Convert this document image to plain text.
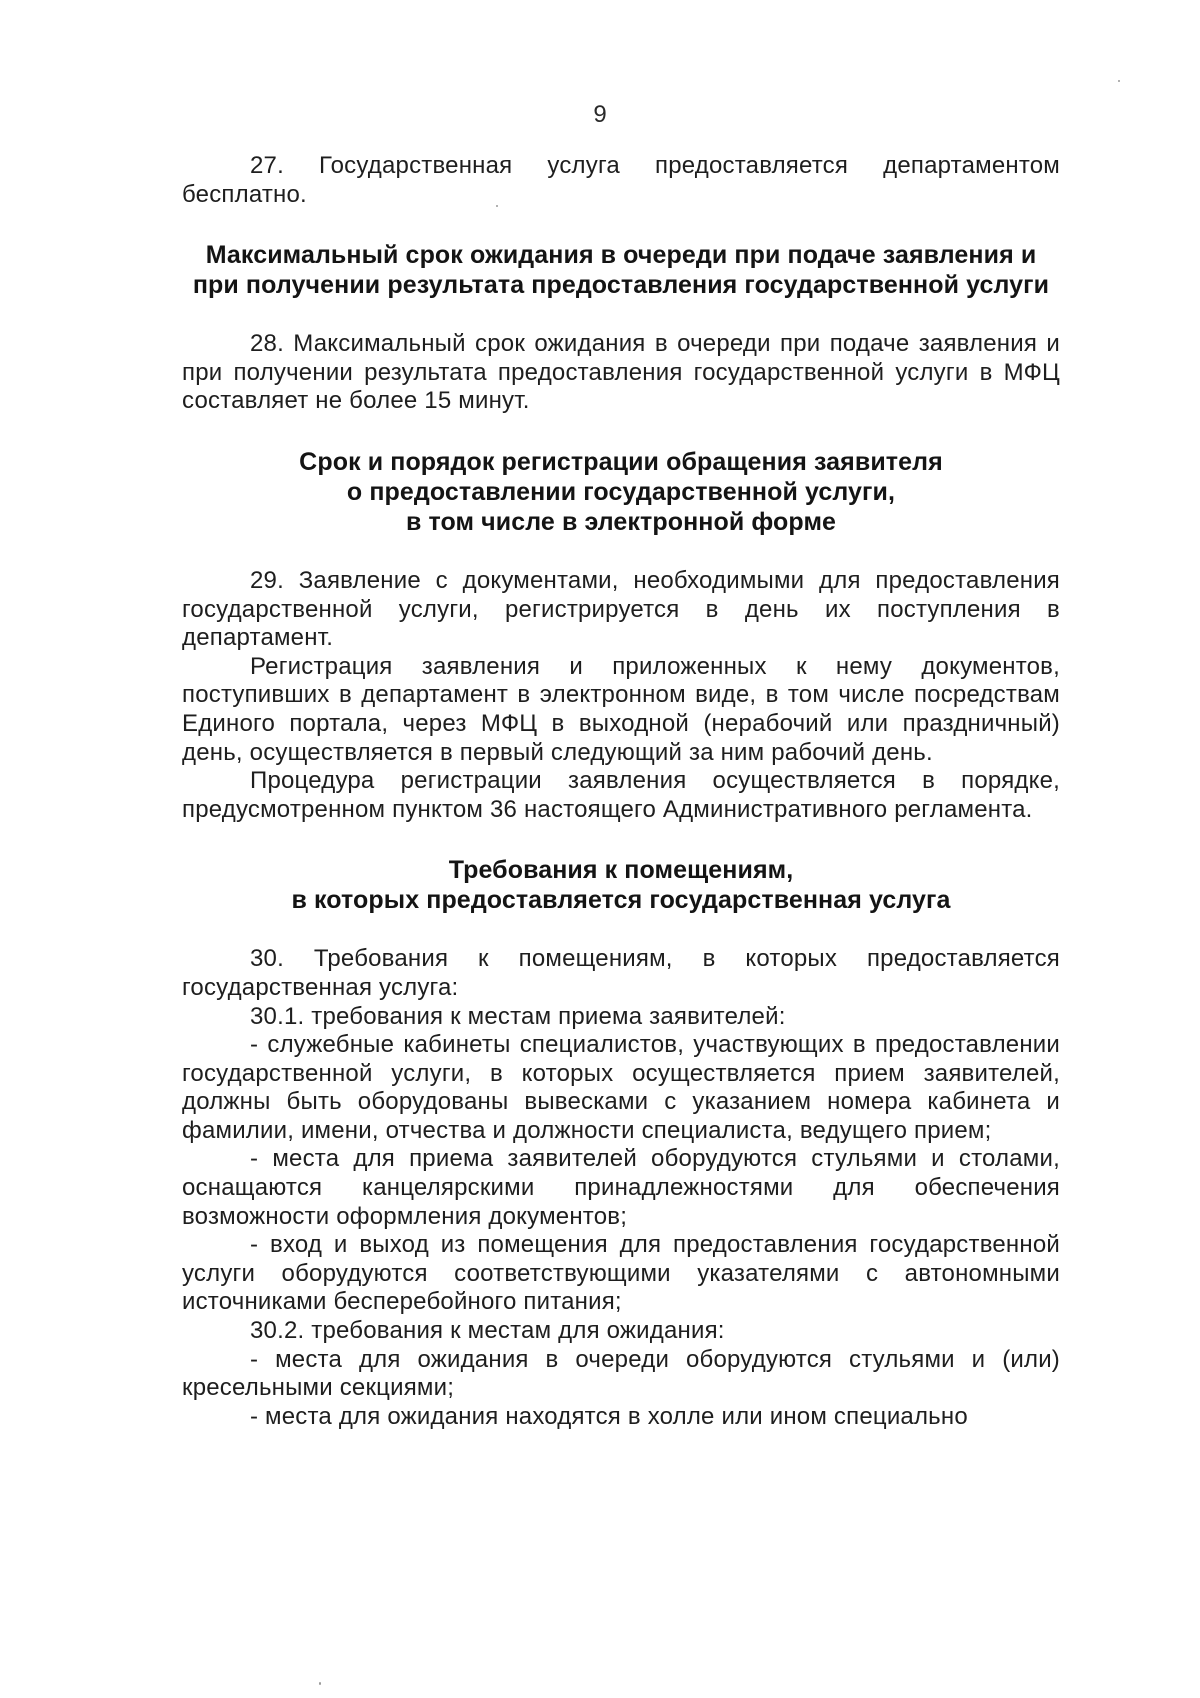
9

27. Государственная услуга предоставляется департаментом бесплатно.

Максимальный срок ожидания в очереди при подаче заявления и
при получении результата предоставления государственной услуги

28. Максимальный срок ожидания в очереди при подаче заявления и при получении результата предоставления государственной услуги в МФЦ составляет не более 15 минут.

Срок и порядок регистрации обращения заявителя
о предоставлении государственной услуги,
в том числе в электронной форме

29. Заявление с документами, необходимыми для предоставления государственной услуги, регистрируется в день их поступления в департамент.

Регистрация заявления и приложенных к нему документов, поступивших в департамент в электронном виде, в том числе посредствам Единого портала, через МФЦ в выходной (нерабочий или праздничный) день, осуществляется в первый следующий за ним рабочий день.

Процедура регистрации заявления осуществляется в порядке, предусмотренном пунктом 36 настоящего Административного регламента.

Требования к помещениям,
в которых предоставляется государственная услуга

30. Требования к помещениям, в которых предоставляется государственная услуга:

30.1. требования к местам приема заявителей:

- служебные кабинеты специалистов, участвующих в предоставлении государственной услуги, в которых осуществляется прием заявителей, должны быть оборудованы вывесками с указанием номера кабинета и фамилии, имени, отчества и должности специалиста, ведущего прием;

- места для приема заявителей оборудуются стульями и столами, оснащаются канцелярскими принадлежностями для обеспечения возможности оформления документов;

- вход и выход из помещения для предоставления государственной услуги оборудуются соответствующими указателями с автономными источниками бесперебойного питания;

30.2. требования к местам для ожидания:

- места для ожидания в очереди оборудуются стульями и (или) кресельными секциями;

- места для ожидания находятся в холле или ином специально
